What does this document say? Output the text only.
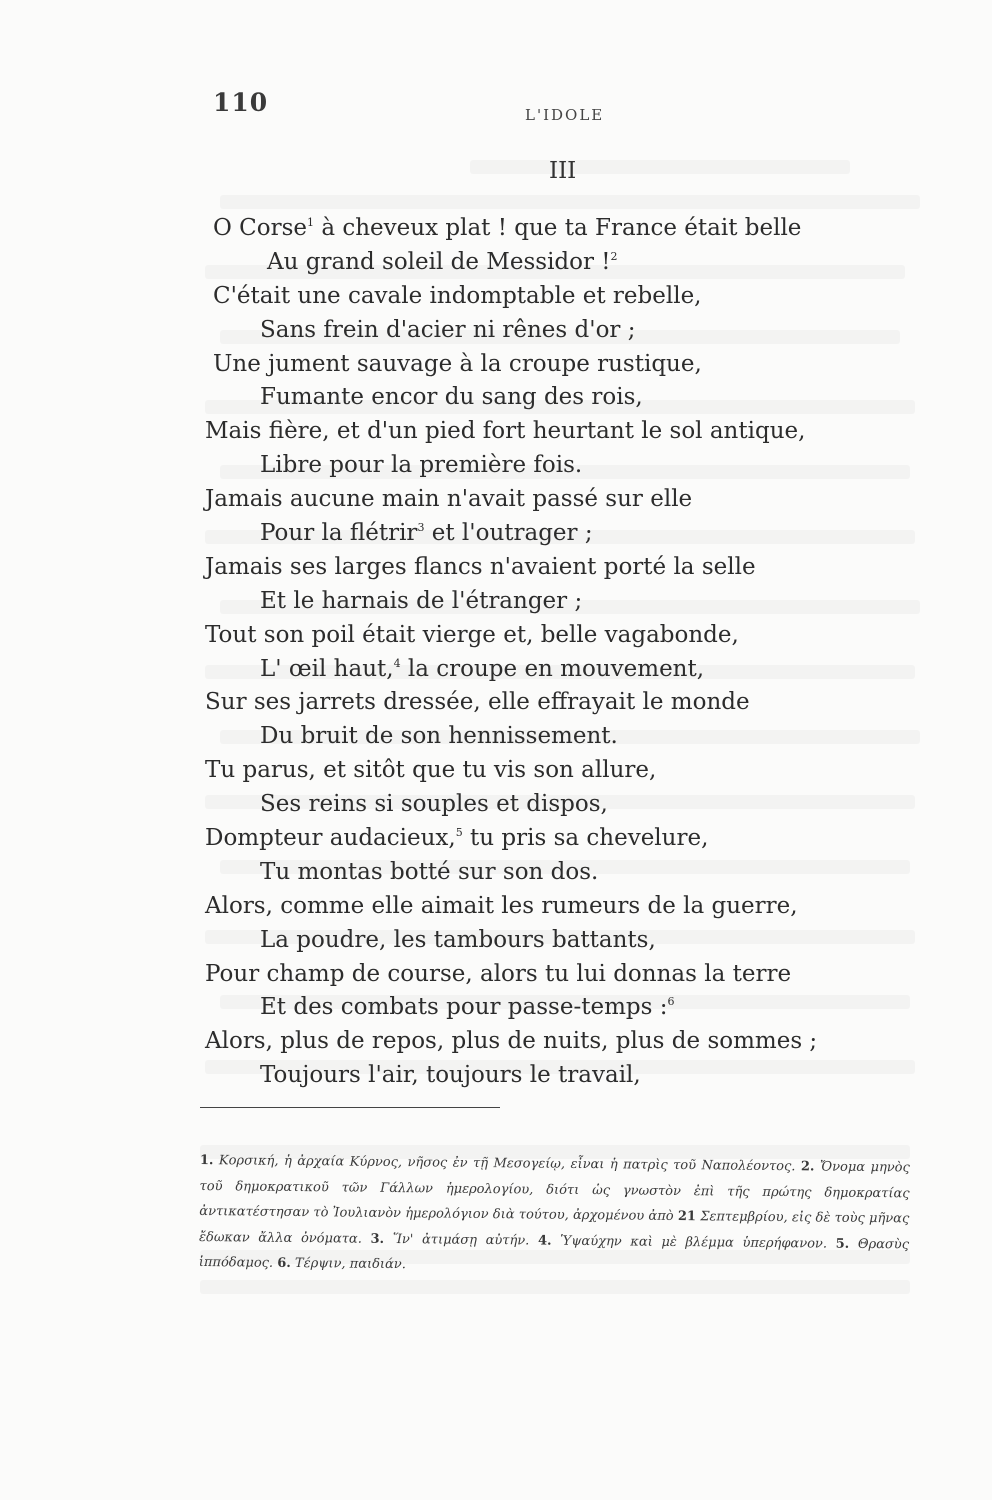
110	L'IDOLE
III
O Corse$^1$ à cheveux plat ! que ta France était belle
Au grand soleil de Messidor !$^2$
C'était une cavale indomptable et rebelle,
Sans frein d'acier ni rênes d'or ;
Une jument sauvage à la croupe rustique,
Fumante encor du sang des rois,
Mais fière, et d'un pied fort heurtant le sol antique,
Libre pour la première fois.
Jamais aucune main n'avait passé sur elle
Pour la flétrir$^3$ et l'outrager ;
Jamais ses larges flancs n'avaient porté la selle
Et le harnais de l'étranger ;
Tout son poil était vierge et, belle vagabonde,
L' œil haut,$^4$ la croupe en mouvement,
Sur ses jarrets dressée, elle effrayait le monde
Du bruit de son hennissement.
Tu parus, et sitôt que tu vis son allure,
Ses reins si souples et dispos,
Dompteur audacieux,$^5$ tu pris sa chevelure,
Tu montas botté sur son dos.
Alors, comme elle aimait les rumeurs de la guerre,
La poudre, les tambours battants,
Pour champ de course, alors tu lui donnas la terre
Et des combats pour passe-temps :$^6$
Alors, plus de repos, plus de nuits, plus de sommes ;
Toujours l'air, toujours le travail,
1. Κορσική, ἡ ἀρχαία Κύρνος, νῆσος ἐν τῇ Μεσογείῳ, εἶναι ἡ πατρὶς τοῦ Ναπολέοντος. 2. Ὄνομα μηνὸς τοῦ δημοκρατικοῦ τῶν Γάλλων ἡμερολογίου, διότι ὡς γνωστὸν ἐπὶ τῆς πρώτης δημοκρατίας ἀντικατέστησαν τὸ Ἰουλιανὸν ἡμερολόγιον διὰ τούτου, ἀρχομένου ἀπὸ 21 Σεπτεμβρίου, εἰς δὲ τοὺς μῆνας ἔδωκαν ἄλλα ὀνόματα. 3. Ἵν' ἀτιμάσῃ αὐτήν. 4. Ὑψαύχην καὶ μὲ βλέμμα ὑπερήφανον. 5. Θρασὺς ἱππόδαμος. 6. Τέρψιν, παιδιάν.
